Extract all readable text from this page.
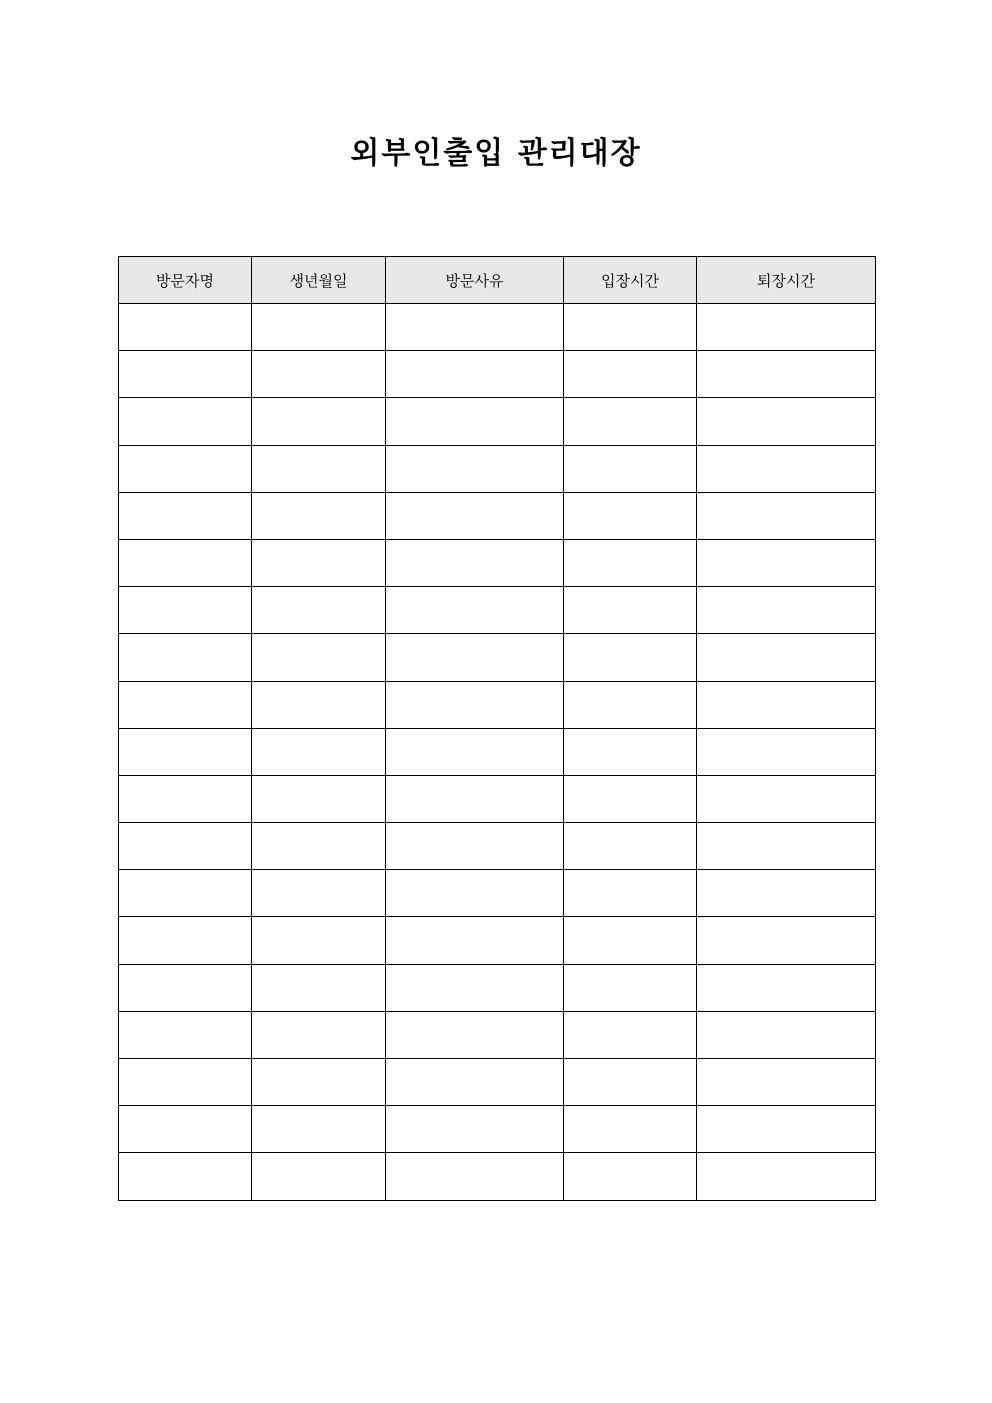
외부인출입 관리대장
방문자명	생년월일	방문사유	입장시간	퇴장시간
